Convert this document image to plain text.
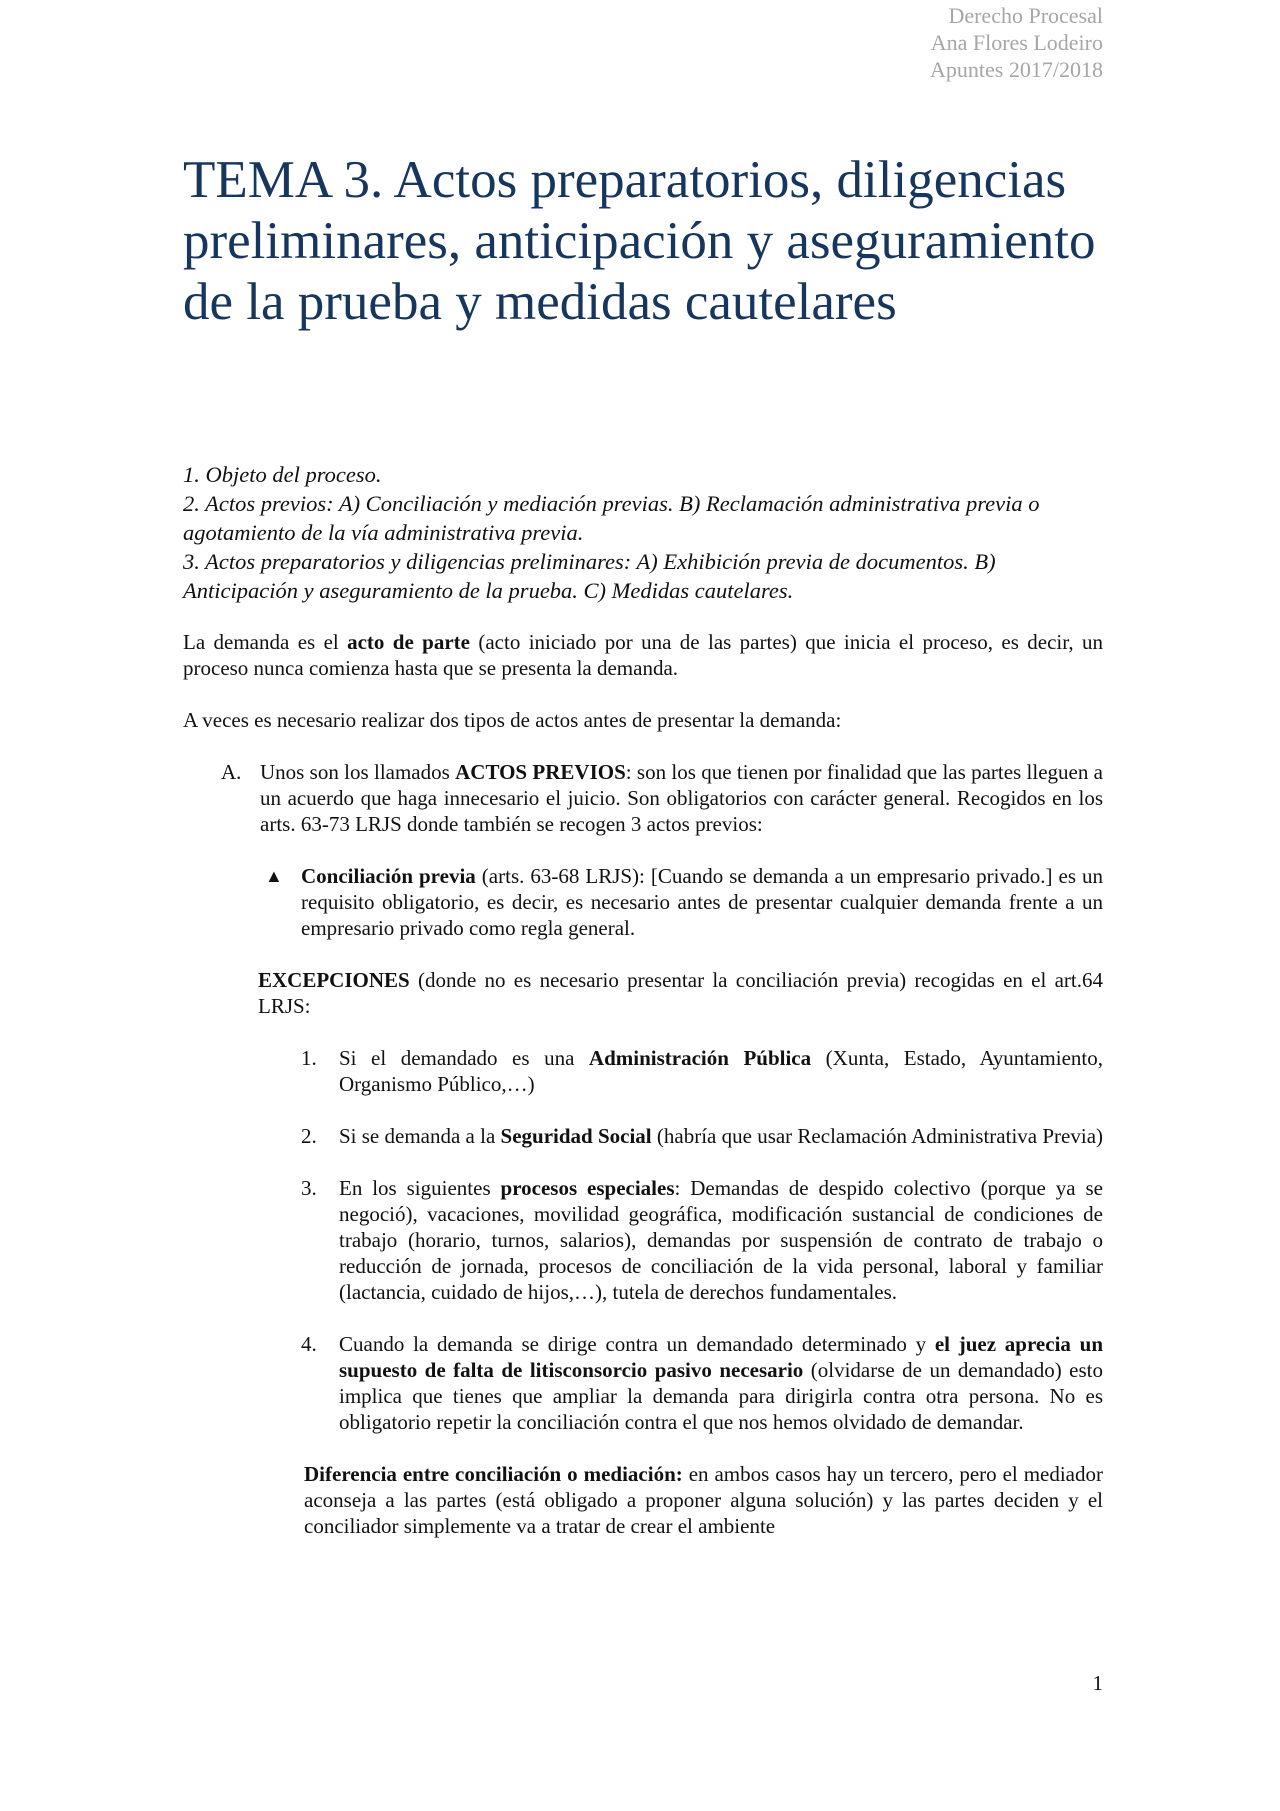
Derecho Procesal
Ana Flores Lodeiro
Apuntes 2017/2018
TEMA 3. Actos preparatorios, diligencias preliminares, anticipación y aseguramiento de la prueba y medidas cautelares
1. Objeto del proceso.
2. Actos previos: A) Conciliación y mediación previas. B) Reclamación administrativa previa o agotamiento de la vía administrativa previa.
3. Actos preparatorios y diligencias preliminares: A) Exhibición previa de documentos. B) Anticipación y aseguramiento de la prueba. C) Medidas cautelares.

La demanda es el acto de parte (acto iniciado por una de las partes) que inicia el proceso, es decir, un proceso nunca comienza hasta que se presenta la demanda.

A veces es necesario realizar dos tipos de actos antes de presentar la demanda:

A. Unos son los llamados ACTOS PREVIOS: son los que tienen por finalidad que las partes lleguen a un acuerdo que haga innecesario el juicio. Son obligatorios con carácter general. Recogidos en los arts. 63-73 LRJS donde también se recogen 3 actos previos:
▲ Conciliación previa (arts. 63-68 LRJS): [Cuando se demanda a un empresario privado.] es un requisito obligatorio, es decir, es necesario antes de presentar cualquier demanda frente a un empresario privado como regla general.

EXCEPCIONES (donde no es necesario presentar la conciliación previa) recogidas en el art.64 LRJS:

1.	Si el demandado es una Administración Pública (Xunta, Estado, Ayuntamiento, Organismo Público,…)
2.	Si se demanda a la Seguridad Social (habría que usar Reclamación Administrativa Previa)
3.	En los siguientes procesos especiales: Demandas de despido colectivo (porque ya se negoció), vacaciones, movilidad geográfica, modificación sustancial de condiciones de trabajo (horario, turnos, salarios), demandas por suspensión de contrato de trabajo o reducción de jornada, procesos de conciliación de la vida personal, laboral y familiar (lactancia, cuidado de hijos,…), tutela de derechos fundamentales.
4.	Cuando la demanda se dirige contra un demandado determinado y el juez aprecia un supuesto de falta de litisconsorcio pasivo necesario (olvidarse de un demandado) esto implica que tienes que ampliar la demanda para dirigirla contra otra persona. No es obligatorio repetir la conciliación contra el que nos hemos olvidado de demandar.

Diferencia entre conciliación o mediación: en ambos casos hay un tercero, pero el mediador aconseja a las partes (está obligado a proponer alguna solución) y las partes deciden y el conciliador simplemente va a tratar de crear el ambiente

1
